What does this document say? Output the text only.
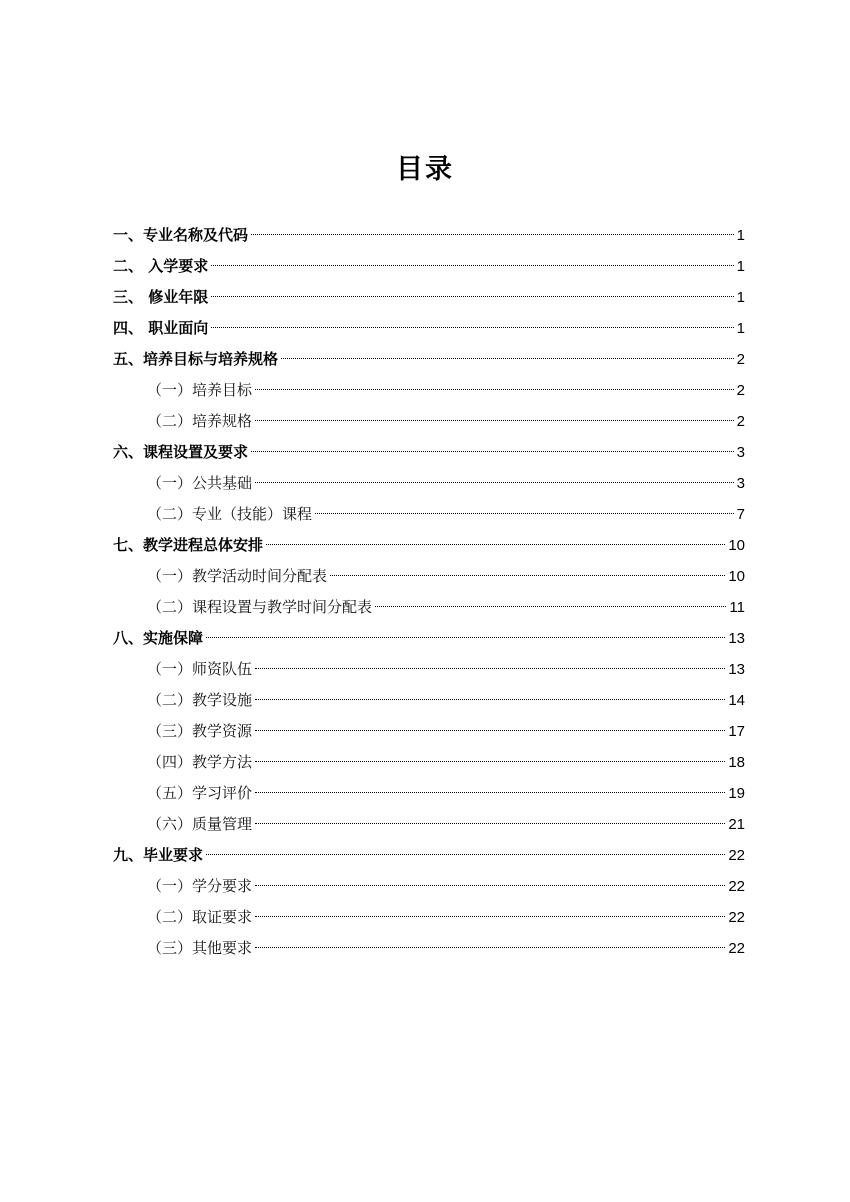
目录
一、专业名称及代码	1
二、 入学要求	1
三、 修业年限	1
四、 职业面向	1
五、培养目标与培养规格	2
（一）培养目标	2
（二）培养规格	2
六、课程设置及要求	3
（一）公共基础	3
（二）专业（技能）课程	7
七、教学进程总体安排	10
（一）教学活动时间分配表	10
（二）课程设置与教学时间分配表	11
八、实施保障	13
（一）师资队伍	13
（二）教学设施	14
（三）教学资源	17
（四）教学方法	18
（五）学习评价	19
（六）质量管理	21
九、毕业要求	22
（一）学分要求	22
（二）取证要求	22
（三）其他要求	22
